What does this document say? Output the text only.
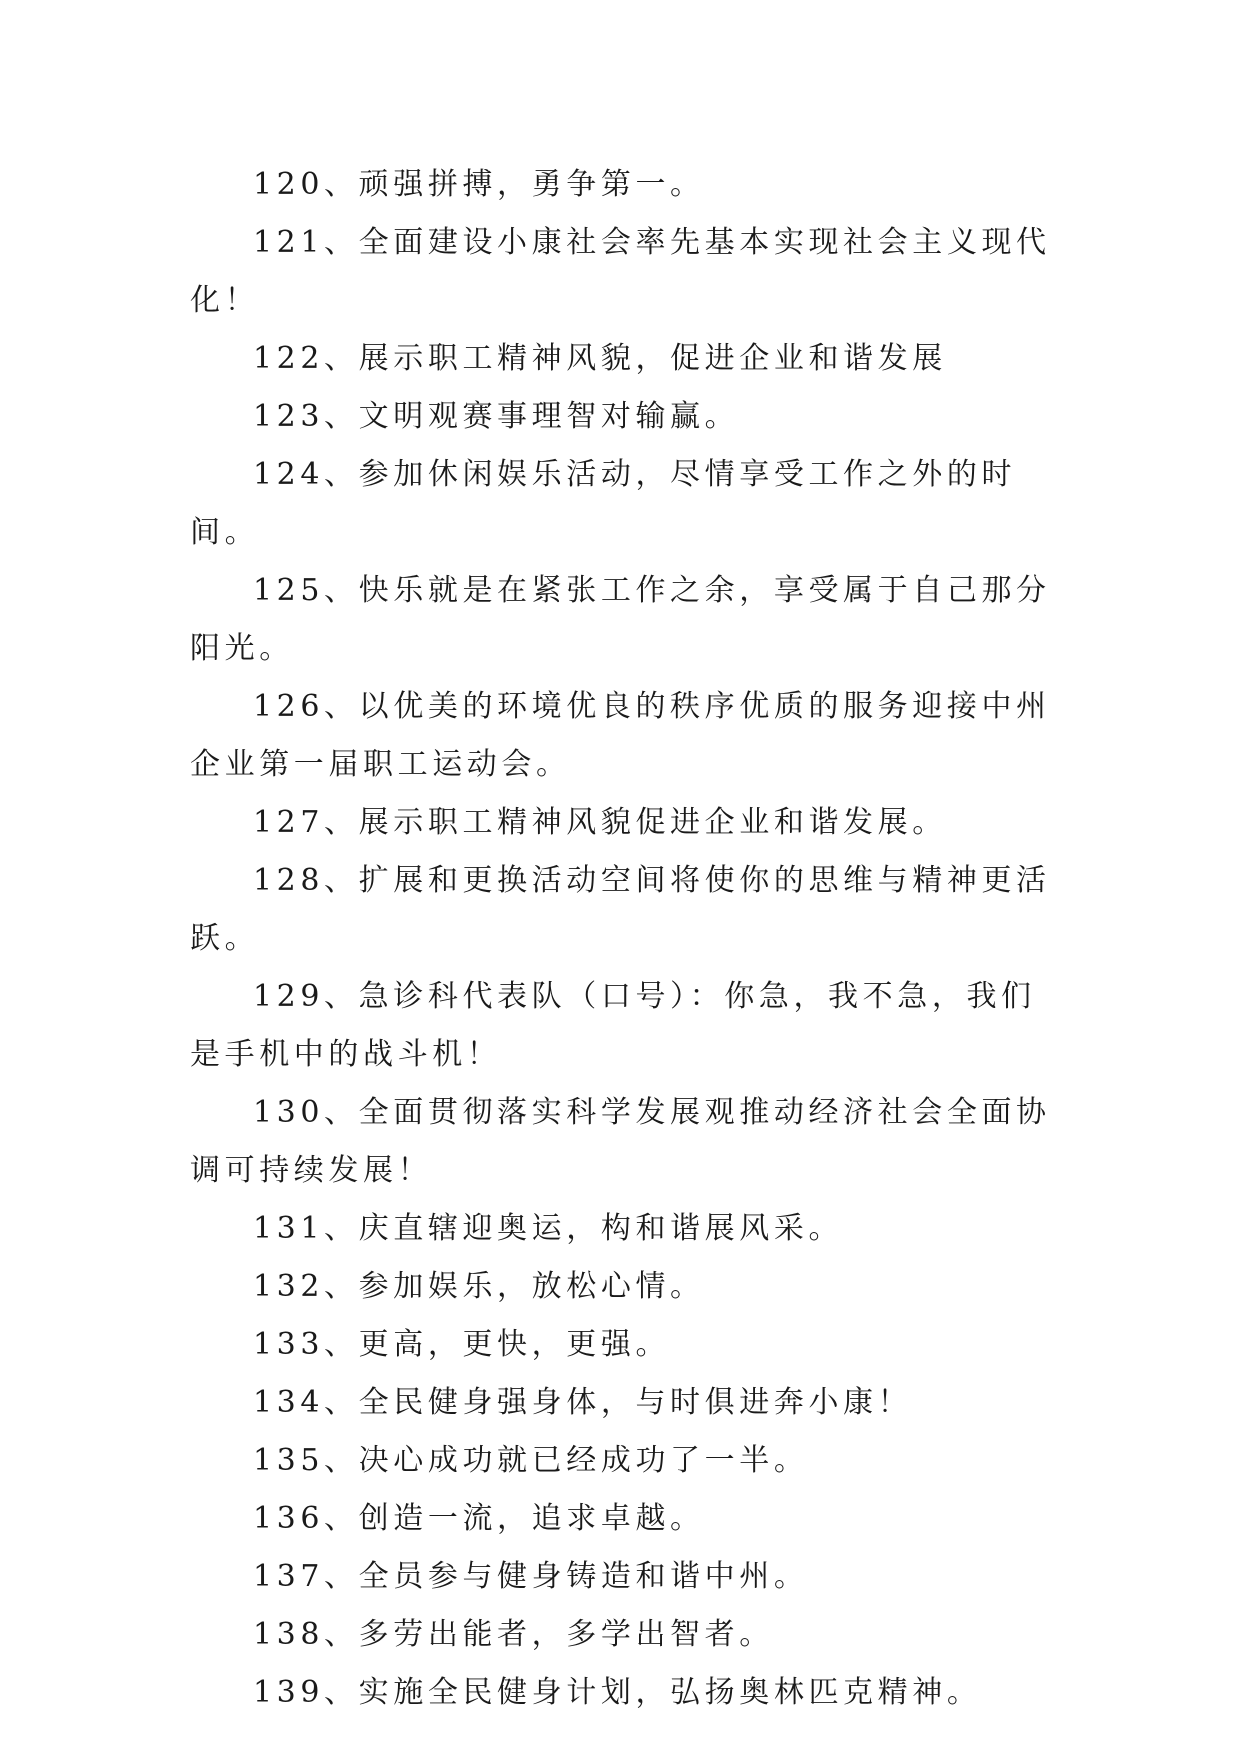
120、顽强拼搏，勇争第一。

121、全面建设小康社会率先基本实现社会主义现代化！

122、展示职工精神风貌，促进企业和谐发展

123、文明观赛事理智对输赢。

124、参加休闲娱乐活动，尽情享受工作之外的时间。

125、快乐就是在紧张工作之余，享受属于自己那分阳光。

126、以优美的环境优良的秩序优质的服务迎接中州企业第一届职工运动会。

127、展示职工精神风貌促进企业和谐发展。

128、扩展和更换活动空间将使你的思维与精神更活跃。

129、急诊科代表队（口号）：你急，我不急，我们是手机中的战斗机！

130、全面贯彻落实科学发展观推动经济社会全面协调可持续发展！

131、庆直辖迎奥运，构和谐展风采。

132、参加娱乐，放松心情。

133、更高，更快，更强。

134、全民健身强身体，与时俱进奔小康！

135、决心成功就已经成功了一半。

136、创造一流，追求卓越。

137、全员参与健身铸造和谐中州。

138、多劳出能者，多学出智者。

139、实施全民健身计划，弘扬奥林匹克精神。
